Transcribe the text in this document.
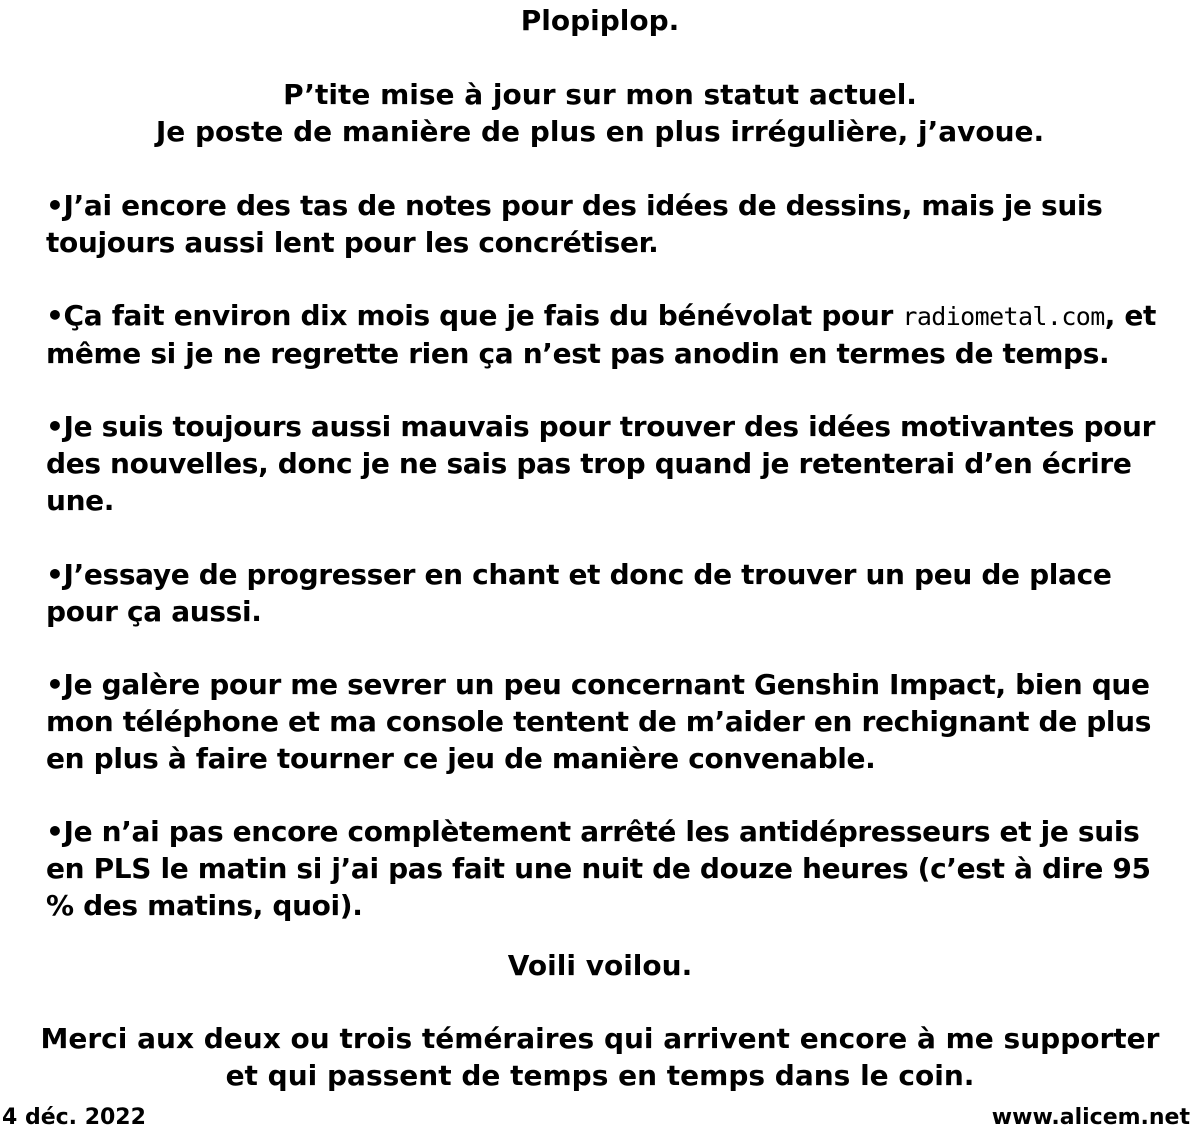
Plopiplop.

P’tite mise à jour sur mon statut actuel.

Je poste de manière de plus en plus irrégulière, j’avoue.

•J’ai encore des tas de notes pour des idées de dessins, mais je suis toujours aussi lent pour les concrétiser.

•Ça fait environ dix mois que je fais du bénévolat pour radiometal.com, et même si je ne regrette rien ça n’est pas anodin en termes de temps.

•Je suis toujours aussi mauvais pour trouver des idées motivantes pour des nouvelles, donc je ne sais pas trop quand je retenterai d’en écrire une.

•J’essaye de progresser en chant et donc de trouver un peu de place pour ça aussi.

•Je galère pour me sevrer un peu concernant Genshin Impact, bien que mon téléphone et ma console tentent de m’aider en rechignant de plus en plus à faire tourner ce jeu de manière convenable.

•Je n’ai pas encore complètement arrêté les antidépresseurs et je suis en PLS le matin si j’ai pas fait une nuit de douze heures (c’est à dire 95 % des matins, quoi).

Voili voilou.

Merci aux deux ou trois téméraires qui arrivent encore à me supporter

et qui passent de temps en temps dans le coin.

4 déc. 2022	www.alicem.net
